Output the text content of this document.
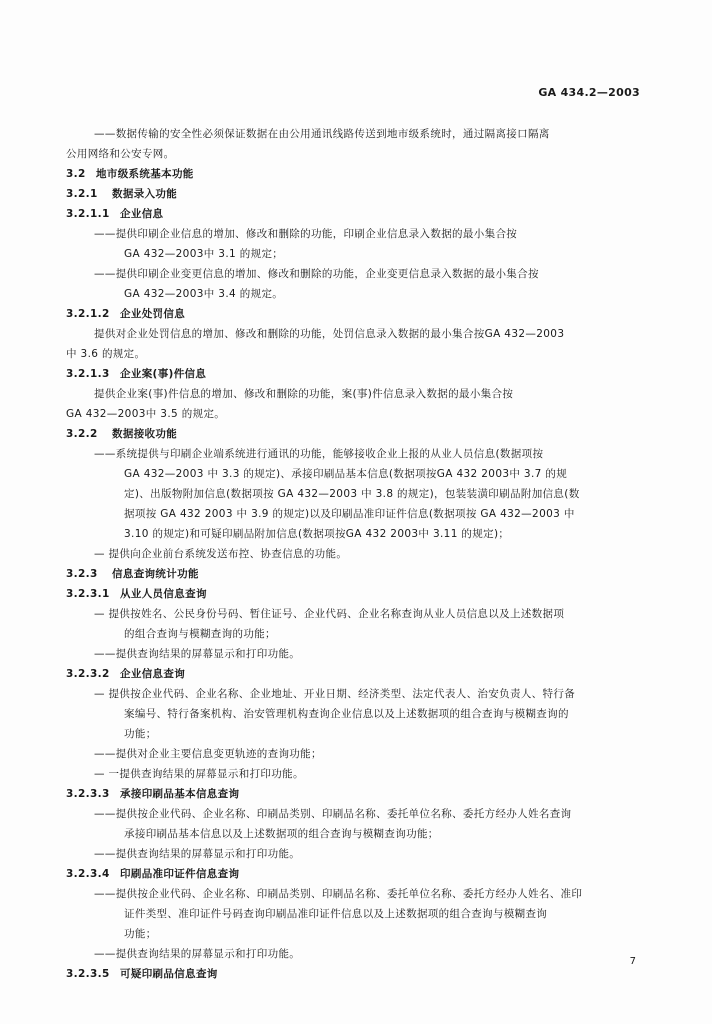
GA 434.2—2003
——数据传输的安全性必须保证数据在由公用通讯线路传送到地市级系统时，通过隔离接口隔离
公用网络和公安专网。
3.2 地市级系统基本功能
3.2.1 数据录入功能
3.2.1.1 企业信息
——提供印刷企业信息的增加、修改和删除的功能，印刷企业信息录入数据的最小集合按
GA 432—2003中 3.1 的规定；
——提供印刷企业变更信息的增加、修改和删除的功能，企业变更信息录入数据的最小集合按
GA 432—2003中 3.4 的规定。
3.2.1.2 企业处罚信息
提供对企业处罚信息的增加、修改和删除的功能，处罚信息录入数据的最小集合按GA 432—2003
中 3.6 的规定。
3.2.1.3 企业案(事)件信息
提供企业案(事)件信息的增加、修改和删除的功能，案(事)件信息录入数据的最小集合按
GA 432—2003中 3.5 的规定。
3.2.2 数据接收功能
——系统提供与印刷企业端系统进行通讯的功能，能够接收企业上报的从业人员信息(数据项按
GA 432—2003 中 3.3 的规定)、承接印刷品基本信息(数据项按GA 432 2003中 3.7 的规
定)、出版物附加信息(数据项按 GA 432—2003 中 3.8 的规定)，包装装潢印刷品附加信息(数
据项按 GA 432 2003 中 3.9 的规定)以及印刷品准印证件信息(数据项按 GA 432—2003 中
3.10 的规定)和可疑印刷品附加信息(数据项按GA 432 2003中 3.11 的规定)；
— 提供向企业前台系统发送布控、协查信息的功能。
3.2.3 信息查询统计功能
3.2.3.1 从业人员信息查询
— 提供按姓名、公民身份号码、暂住证号、企业代码、企业名称查询从业人员信息以及上述数据项
的组合查询与模糊查询的功能；
——提供查询结果的屏幕显示和打印功能。
3.2.3.2 企业信息查询
— 提供按企业代码、企业名称、企业地址、开业日期、经济类型、法定代表人、治安负责人、特行备
案编号、特行备案机构、治安管理机构查询企业信息以及上述数据项的组合查询与模糊查询的
功能；
——提供对企业主要信息变更轨迹的查询功能；
— 一提供查询结果的屏幕显示和打印功能。
3.2.3.3 承接印刷品基本信息查询
——提供按企业代码、企业名称、印刷品类别、印刷品名称、委托单位名称、委托方经办人姓名查询
承接印刷品基本信息以及上述数据项的组合查询与模糊查询功能；
——提供查询结果的屏幕显示和打印功能。
3.2.3.4 印刷品准印证件信息查询
——提供按企业代码、企业名称、印刷品类别、印刷品名称、委托单位名称、委托方经办人姓名、准印
证件类型、准印证件号码查询印刷品准印证件信息以及上述数据项的组合查询与模糊查询
功能；
——提供查询结果的屏幕显示和打印功能。
3.2.3.5 可疑印刷品信息查询
7
